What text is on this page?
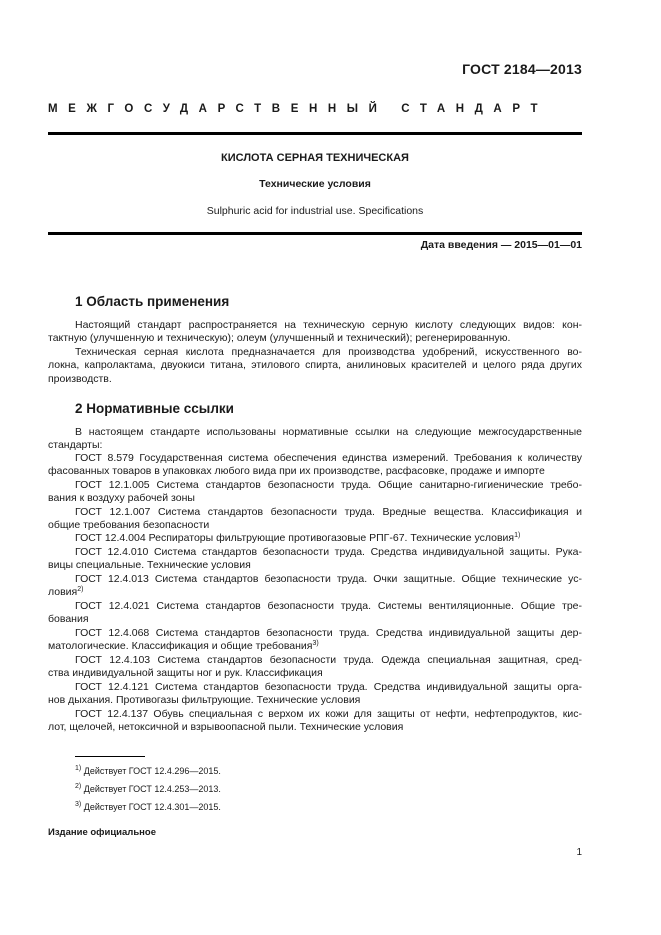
ГОСТ 2184—2013
МЕЖГОСУДАРСТВЕННЫЙ СТАНДАРТ
КИСЛОТА СЕРНАЯ ТЕХНИЧЕСКАЯ
Технические условия
Sulphuric acid for industrial use. Specifications
Дата введения — 2015—01—01
1 Область применения
Настоящий стандарт распространяется на техническую серную кислоту следующих видов: кон-
тактную (улучшенную и техническую); олеум (улучшенный и технический); регенерированную.
Техническая серная кислота предназначается для производства удобрений, искусственного во-
локна, капролактама, двуокиси титана, этилового спирта, анилиновых красителей и целого ряда других
производств.
2 Нормативные ссылки
В настоящем стандарте использованы нормативные ссылки на следующие межгосударственные
стандарты:
ГОСТ 8.579 Государственная система обеспечения единства измерений. Требования к количеству
фасованных товаров в упаковках любого вида при их производстве, расфасовке, продаже и импорте
ГОСТ 12.1.005 Система стандартов безопасности труда. Общие санитарно-гигиенические требо-
вания к воздуху рабочей зоны
ГОСТ 12.1.007 Система стандартов безопасности труда. Вредные вещества. Классификация и
общие требования безопасности
ГОСТ 12.4.004 Респираторы фильтрующие противогазовые РПГ-67. Технические условия$^{1)}$
ГОСТ 12.4.010 Система стандартов безопасности труда. Средства индивидуальной защиты. Рука-
вицы специальные. Технические условия
ГОСТ 12.4.013 Система стандартов безопасности труда. Очки защитные. Общие технические ус-
ловия$^{2)}$
ГОСТ 12.4.021 Система стандартов безопасности труда. Системы вентиляционные. Общие тре-
бования
ГОСТ 12.4.068 Система стандартов безопасности труда. Средства индивидуальной защиты дер-
матологические. Классификация и общие требования$^{3)}$
ГОСТ 12.4.103 Система стандартов безопасности труда. Одежда специальная защитная, сред-
ства индивидуальной защиты ног и рук. Классификация
ГОСТ 12.4.121 Система стандартов безопасности труда. Средства индивидуальной защиты орга-
нов дыхания. Противогазы фильтрующие. Технические условия
ГОСТ 12.4.137 Обувь специальная с верхом их кожи для защиты от нефти, нефтепродуктов, кис-
лот, щелочей, нетоксичной и взрывоопасной пыли. Технические условия
$^{1)}$ Действует ГОСТ 12.4.296—2015.
$^{2)}$ Действует ГОСТ 12.4.253—2013.
$^{3)}$ Действует ГОСТ 12.4.301—2015.
Издание официальное
1
